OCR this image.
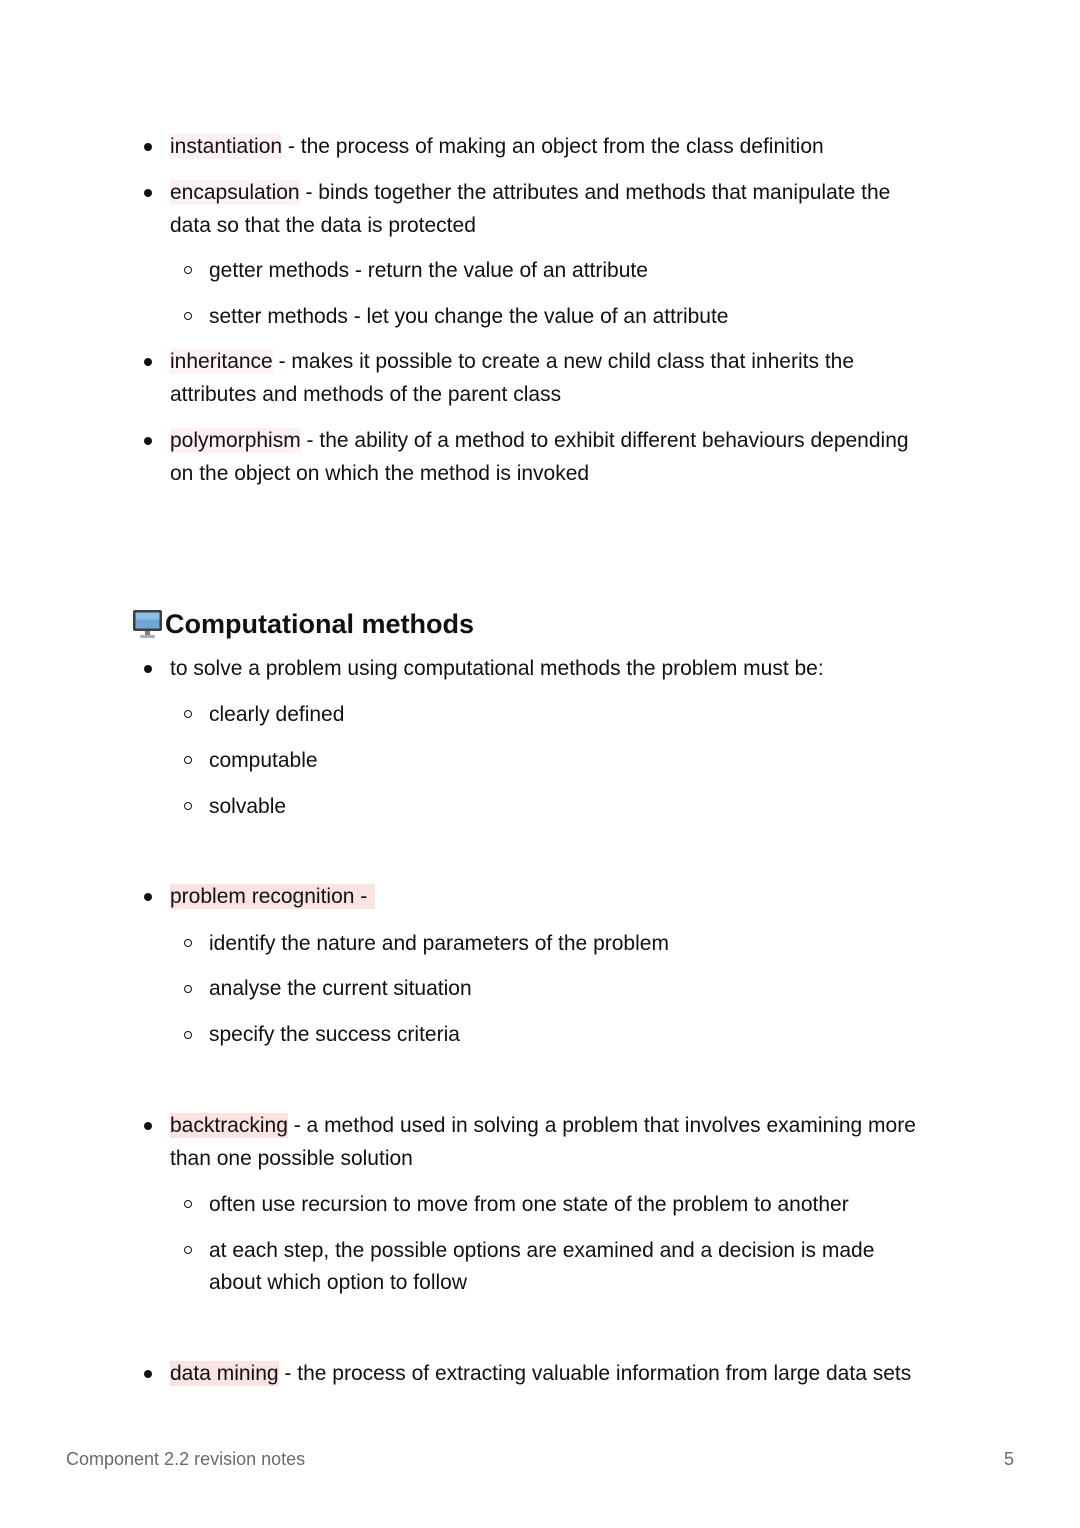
instantiation - the process of making an object from the class definition
encapsulation - binds together the attributes and methods that manipulate the
data so that the data is protected
getter methods - return the value of an attribute
setter methods - let you change the value of an attribute
inheritance - makes it possible to create a new child class that inherits the
attributes and methods of the parent class
polymorphism - the ability of a method to exhibit different behaviours depending
on the object on which the method is invoked
Computational methods
to solve a problem using computational methods the problem must be:
clearly defined
computable
solvable
problem recognition -
identify the nature and parameters of the problem
analyse the current situation
specify the success criteria
backtracking - a method used in solving a problem that involves examining more
than one possible solution
often use recursion to move from one state of the problem to another
at each step, the possible options are examined and a decision is made
about which option to follow
data mining - the process of extracting valuable information from large data sets
Component 2.2 revision notes	5
